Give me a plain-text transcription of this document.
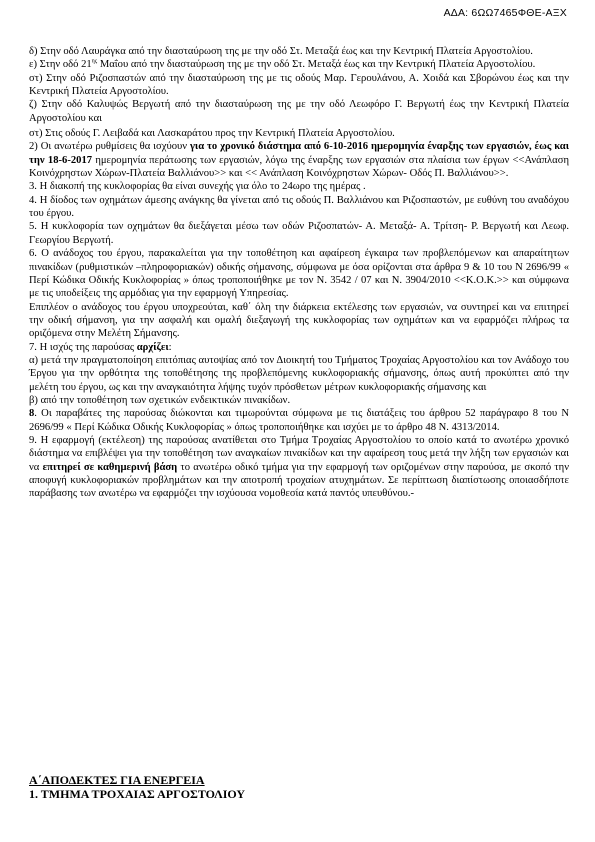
ΑΔΑ: 6ΩΩ7465ΦΘΕ-ΑΞΧ

δ) Στην οδό Λαυράγκα από την διασταύρωση της με την οδό Στ. Μεταξά έως και την Κεντρική Πλατεία Αργοστολίου.

ε) Στην οδό $21^{\eta\varsigma}$ Μαΐου από την διασταύρωση της με την οδό Στ. Μεταξά έως και την Κεντρική Πλατεία Αργοστολίου.

στ) Στην οδό Ριζοσπαστών από την διασταύρωση της με τις οδούς Μαρ. Γερουλάνου, Α. Χοιδά και Σβορώνου έως και την Κεντρική Πλατεία Αργοστολίου.

ζ) Στην οδό Καλυψώς Βεργωτή από την διασταύρωση της με την οδό Λεωφόρο Γ. Βεργωτή έως την Κεντρική Πλατεία Αργοστολίου και

στ) Στις οδούς Γ. Λειβαδά και Λασκαράτου προς την Κεντρική Πλατεία Αργοστολίου.

2) Οι ανωτέρω ρυθμίσεις θα ισχύουν για το χρονικό διάστημα από 6-10-2016 ημερομηνία έναρξης των εργασιών, έως και την 18-6-2017 ημερομηνία περάτωσης των εργασιών, λόγω της έναρξης των εργασιών στα πλαίσια των έργων <<Ανάπλαση Κοινόχρηστων Χώρων-Πλατεία Βαλλιάνου>> και << Ανάπλαση Κοινόχρηστων Χώρων- Οδός Π. Βαλλιάνου>>.

3. Η διακοπή της κυκλοφορίας θα είναι συνεχής για όλο το 24ωρο της ημέρας .

4. Η δίοδος των οχημάτων άμεσης ανάγκης θα γίνεται από τις οδούς Π. Βαλλιάνου και Ριζοσπαστών, με ευθύνη του αναδόχου του έργου.

5. Η κυκλοφορία των οχημάτων θα διεξάγεται μέσω των οδών Ριζοσπατών- Α. Μεταξά- Α. Τρίτση- Ρ. Βεργωτή και Λεωφ. Γεωργίου Βεργωτή.

6. Ο ανάδοχος του έργου, παρακαλείται για την τοποθέτηση και αφαίρεση έγκαιρα των προβλεπόμενων και απαραίτητων πινακίδων (ρυθμιστικών –πληροφοριακών) οδικής σήμανσης, σύμφωνα με όσα ορίζονται στα άρθρα 9 & 10 του Ν 2696/99 « Περί Κώδικα Οδικής Κυκλοφορίας » όπως τροποποιήθηκε με τον Ν. 3542 / 07 και Ν. 3904/2010 <<Κ.Ο.Κ.>> και σύμφωνα με τις υποδείξεις της αρμόδιας για την εφαρμογή Υπηρεσίας.

Επιπλέον ο ανάδοχος του έργου υποχρεούται, καθ΄ όλη την διάρκεια εκτέλεσης των εργασιών, να συντηρεί και να επιτηρεί την οδική σήμανση, για την ασφαλή και ομαλή διεξαγωγή της κυκλοφορίας των οχημάτων και να εφαρμόζει πλήρως τα οριζόμενα στην Μελέτη Σήμανσης.

7. Η ισχύς της παρούσας αρχίζει:

α) μετά την πραγματοποίηση επιτόπιας αυτοψίας από τον Διοικητή του Τμήματος Τροχαίας Αργοστολίου και τον Ανάδοχο του Έργου για την ορθότητα της τοποθέτησης της προβλεπόμενης κυκλοφοριακής σήμανσης, όπως αυτή προκύπτει από την μελέτη του έργου, ως και την αναγκαιότητα λήψης τυχόν πρόσθετων μέτρων κυκλοφοριακής σήμανσης και

β) από την τοποθέτηση των σχετικών ενδεικτικών πινακίδων.

8. Οι παραβάτες της παρούσας διώκονται και τιμωρούνται σύμφωνα με τις διατάξεις του άρθρου 52 παράγραφο 8 του Ν 2696/99 « Περί Κώδικα Οδικής Κυκλοφορίας » όπως τροποποιήθηκε και ισχύει με το άρθρο 48 Ν. 4313/2014.

9. Η εφαρμογή (εκτέλεση) της παρούσας ανατίθεται στο Τμήμα Τροχαίας Αργοστολίου το οποίο κατά το ανωτέρω χρονικό διάστημα να επιβλέψει για την τοποθέτηση των αναγκαίων πινακίδων και την αφαίρεση τους μετά την λήξη των εργασιών και να επιτηρεί σε καθημερινή βάση το ανωτέρω οδικό τμήμα για την εφαρμογή των οριζομένων στην παρούσα, με σκοπό την αποφυγή κυκλοφοριακών προβλημάτων και την αποτροπή τροχαίων ατυχημάτων. Σε περίπτωση διαπίστωσης οποιασδήποτε παράβασης των ανωτέρω να εφαρμόζει την ισχύουσα νομοθεσία κατά παντός υπευθύνου.-

Α΄ΑΠΟΔΕΚΤΕΣ ΓΙΑ ΕΝΕΡΓΕΙΑ
1. ΤΜΗΜΑ ΤΡΟΧΑΙΑΣ ΑΡΓΟΣΤΟΛΙΟΥ
